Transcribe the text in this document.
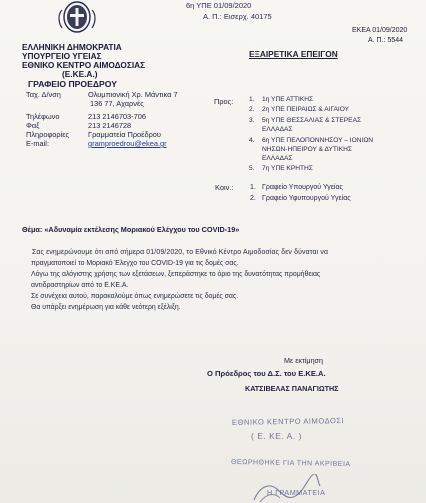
6η ΥΠΕ 01/09/2020
Α. Π.: Εισερχ. 40175
ΕΚΕΑ 01/09/2020
Α. Π.: 5544
ΕΛΛΗΝΙΚΗ ΔΗΜΟΚΡΑΤΙΑ
ΥΠΟΥΡΓΕΙΟ ΥΓΕΙΑΣ
ΕΘΝΙΚΟ ΚΕΝΤΡΟ ΑΙΜΟΔΟΣΙΑΣ
(Ε.ΚΕ.Α.)
ΓΡΑΦΕΙΟ ΠΡΟΕΔΡΟΥ
ΕΞΑΙΡΕΤΙΚΑ ΕΠΕΙΓΟΝ
Ταχ. Δ/νση	Ολυμπιονική Χρ. Μάντικα 7
136 77, Αχαρνές
Τηλέφωνο	213 2146703-706
Φαξ	213 2146728
Πληροφορίες	Γραμματεία Προέδρου
E-mail:	gramproedrou@ekea.gr
Προς: 1. 1η ΥΠΕ ΑΤΤΙΚΗΣ
2. 2η ΥΠΕ ΠΕΙΡΑΙΩΣ & ΑΙΓΑΙΟΥ
3. 5η ΥΠΕ ΘΕΣΣΑΛΙΑΣ & ΣΤΕΡΕΑΣ
ΕΛΛΑΔΑΣ
4. 6η ΥΠΕ ΠΕΛΟΠΟΝΝΗΣΟΥ – ΙΟΝΙΩΝ
ΝΗΣΩΝ-ΗΠΕΙΡΟΥ & ΔΥΤΙΚΗΣ
ΕΛΛΑΔΑΣ
5. 7η ΥΠΕ ΚΡΗΤΗΣ
Κοιν.: 1. Γραφείο Υπουργού Υγείας
2. Γραφείο Υφυπουργού Υγείας
Θέμα: «Αδυναμία εκτέλεσης Μοριακού Ελέγχου του COVID-19»
Σας ενημερώνουμε ότι από σήμερα 01/09/2020, το Εθνικό Κέντρο Αιμοδοσίας δεν δύναται να
πραγματοποιεί το Μοριακό Έλεγχο του COVID-19 για τις δομές σας.
Λόγω της αλόγιστης χρήσης των εξετάσεων, ξεπεράστηκε το όριο της δυνατότητας προμήθειας
αντιδραστηρίων από το Ε.ΚΕ.Α.
Σε συνέχεια αυτού, παρακαλούμε όπως ενημερώσετε τις δομές σας.
Θα υπάρξει ενημέρωση για κάθε νεότερη εξέλιξη.
Με εκτίμηση
Ο Πρόεδρος του Δ.Σ. του Ε.ΚΕ.Α.
ΚΑΤΣΙΒΕΛΑΣ ΠΑΝΑΓΙΩΤΗΣ
ΕΘΝΙΚΟ ΚΕΝΤΡΟ ΑΙΜΟΔΟΣΙ
( Ε. ΚΕ. Α. )
ΘΕΩΡΗΘΗΚΕ ΓΙΑ ΤΗΝ ΑΚΡΙΒΕΙΑ
Η ΓΡΑΜΜΑΤΕΙΑ
